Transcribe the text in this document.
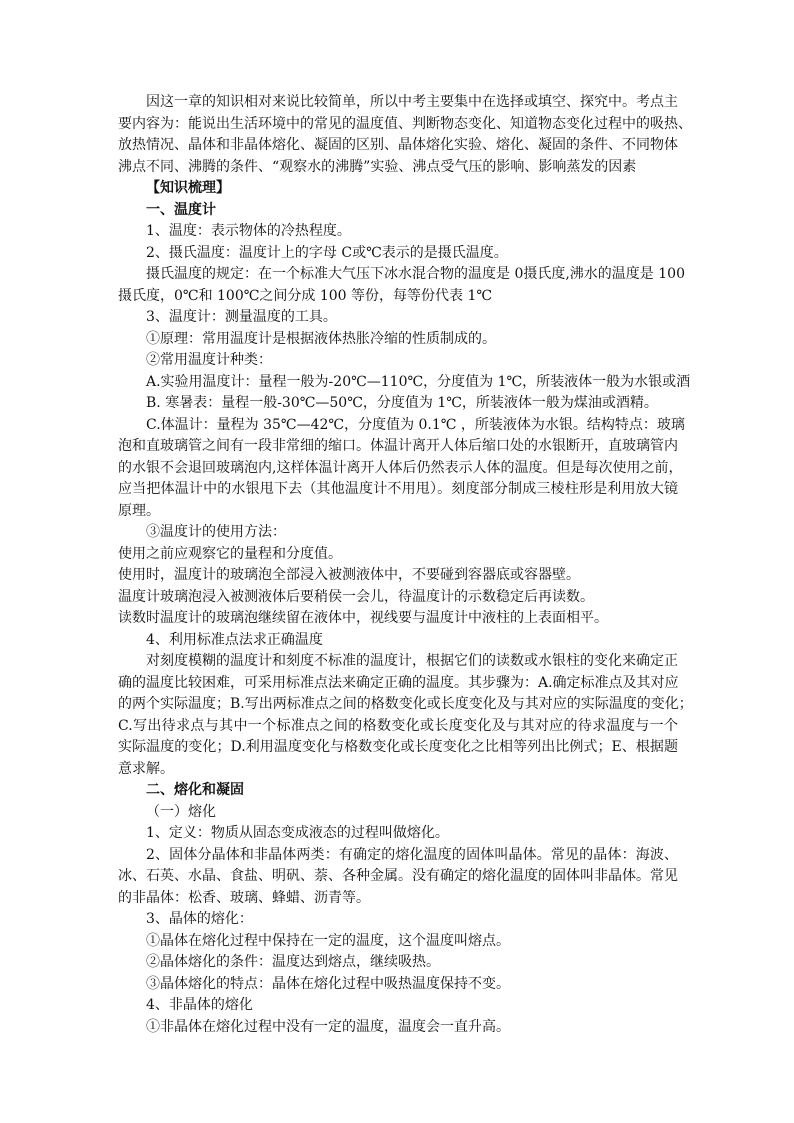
因这一章的知识相对来说比较简单，所以中考主要集中在选择或填空、探究中。考点主

要内容为：能说出生活环境中的常见的温度值、判断物态变化、知道物态变化过程中的吸热、

放热情况、晶体和非晶体熔化、凝固的区别、晶体熔化实验、熔化、凝固的条件、不同物体

沸点不同、沸腾的条件、“观察水的沸腾”实验、沸点受气压的影响、影响蒸发的因素

【知识梳理】

一、温度计

1、温度：表示物体的冷热程度。

2、摄氏温度：温度计上的字母 C或℃表示的是摄氏温度。

摄氏温度的规定：在一个标准大气压下冰水混合物的温度是 0摄氏度,沸水的温度是 100

摄氏度，0℃和 100℃之间分成 100 等份，每等份代表 1℃

3、温度计：测量温度的工具。

①原理：常用温度计是根据液体热胀冷缩的性质制成的。

②常用温度计种类：

A.实验用温度计：量程一般为-20℃—110℃，分度值为 1℃，所装液体一般为水银或酒

B. 寒暑表：量程一般-30℃—50℃，分度值为 1℃，所装液体一般为煤油或酒精。

C.体温计：量程为 35℃—42℃，分度值为 0.1℃ ，所装液体为水银。结构特点：玻璃

泡和直玻璃管之间有一段非常细的缩口。体温计离开人体后缩口处的水银断开，直玻璃管内

的水银不会退回玻璃泡内,这样体温计离开人体后仍然表示人体的温度。但是每次使用之前，

应当把体温计中的水银甩下去（其他温度计不用甩）。刻度部分制成三棱柱形是利用放大镜

原理。

③温度计的使用方法：

使用之前应观察它的量程和分度值。

使用时，温度计的玻璃泡全部浸入被测液体中，不要碰到容器底或容器壁。

温度计玻璃泡浸入被测液体后要稍侯一会儿，待温度计的示数稳定后再读数。

读数时温度计的玻璃泡继续留在液体中，视线要与温度计中液柱的上表面相平。

4、利用标准点法求正确温度

对刻度模糊的温度计和刻度不标准的温度计，根据它们的读数或水银柱的变化来确定正

确的温度比较困难，可采用标准点法来确定正确的温度。其步骤为：A.确定标准点及其对应

的两个实际温度；B.写出两标准点之间的格数变化或长度变化及与其对应的实际温度的变化；

C.写出待求点与其中一个标准点之间的格数变化或长度变化及与其对应的待求温度与一个

实际温度的变化；D.利用温度变化与格数变化或长度变化之比相等列出比例式；E、根据题

意求解。

二、熔化和凝固

（一）熔化

1、定义：物质从固态变成液态的过程叫做熔化。

2、固体分晶体和非晶体两类：有确定的熔化温度的固体叫晶体。常见的晶体：海波、

冰、石英、水晶、食盐、明矾、萘、各种金属。没有确定的熔化温度的固体叫非晶体。常见

的非晶体：松香、玻璃、蜂蜡、沥青等。

3、晶体的熔化：

①晶体在熔化过程中保持在一定的温度，这个温度叫熔点。

②晶体熔化的条件：温度达到熔点，继续吸热。

③晶体熔化的特点：晶体在熔化过程中吸热温度保持不变。

4、非晶体的熔化

①非晶体在熔化过程中没有一定的温度，温度会一直升高。
